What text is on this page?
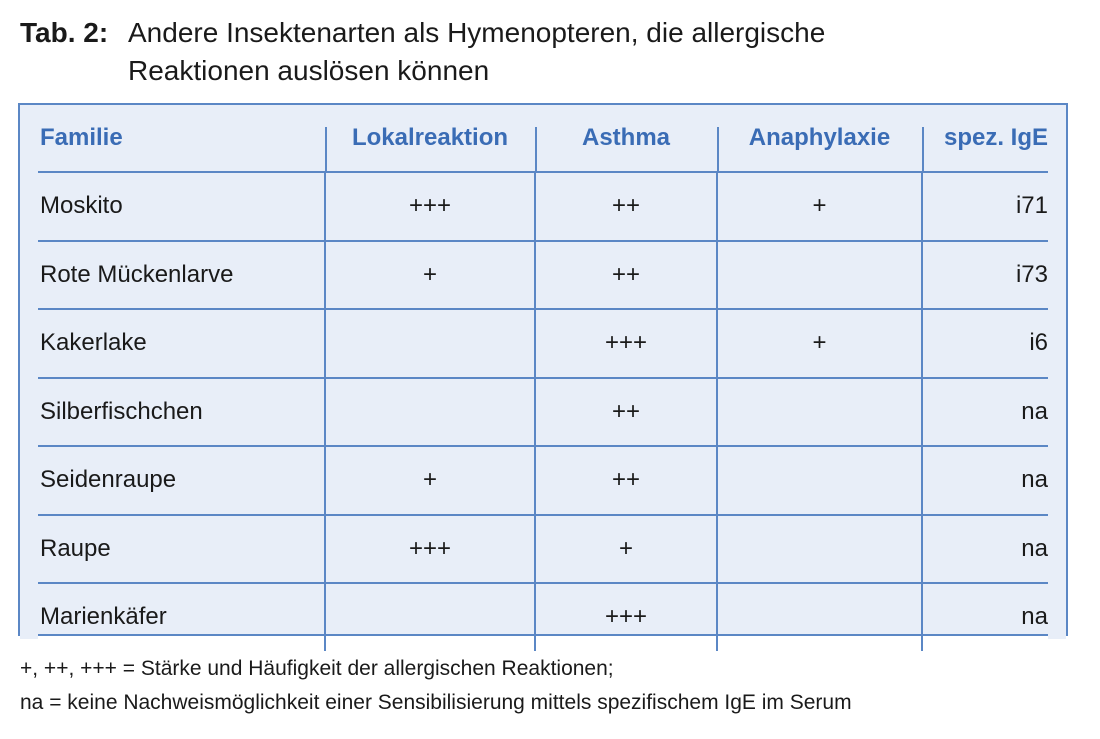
Tab. 2: Andere Insektenarten als Hymenopteren, die allergische
Reaktionen auslösen können
Familie	Lokalreaktion	Asthma	Anaphylaxie	spez. IgE
Moskito	+++	++	+	i71
Rote Mückenlarve	+	++		i73
Kakerlake		+++	+	i6
Silberfischchen		++		na
Seidenraupe	+	++		na
Raupe	+++	+		na
Marienkäfer		+++		na
+, ++, +++ = Stärke und Häufigkeit der allergischen Reaktionen;
na = keine Nachweismöglichkeit einer Sensibilisierung mittels spezifischem IgE im Serum
